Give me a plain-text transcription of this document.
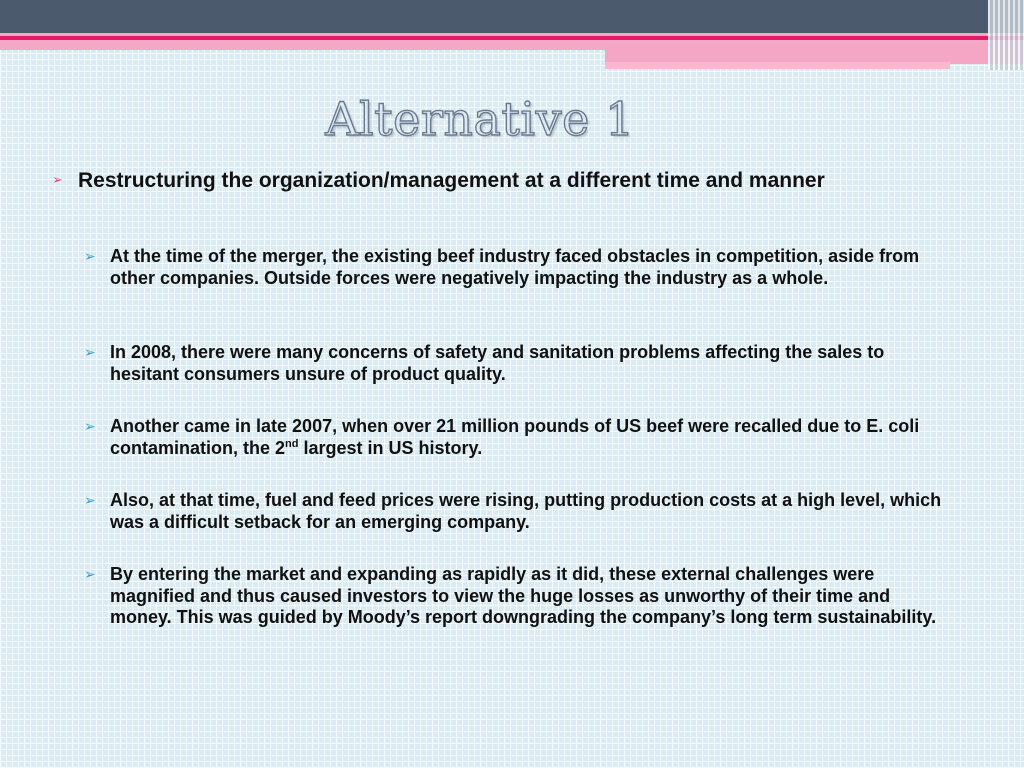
Alternative 1
➢ Restructuring the organization/management at a different time and manner
➢ At the time of the merger, the existing beef industry faced obstacles in competition, aside from other companies. Outside forces were negatively impacting the industry as a whole.
➢ In 2008, there were many concerns of safety and sanitation problems affecting the sales to hesitant consumers unsure of product quality.
➢ Another came in late 2007, when over 21 million pounds of US beef were recalled due to E. coli contamination, the 2nd largest in US history.
➢ Also, at that time, fuel and feed prices were rising, putting production costs at a high level, which was a difficult setback for an emerging company.
➢ By entering the market and expanding as rapidly as it did, these external challenges were magnified and thus caused investors to view the huge losses as unworthy of their time and money. This was guided by Moody’s report downgrading the company’s long term sustainability.
